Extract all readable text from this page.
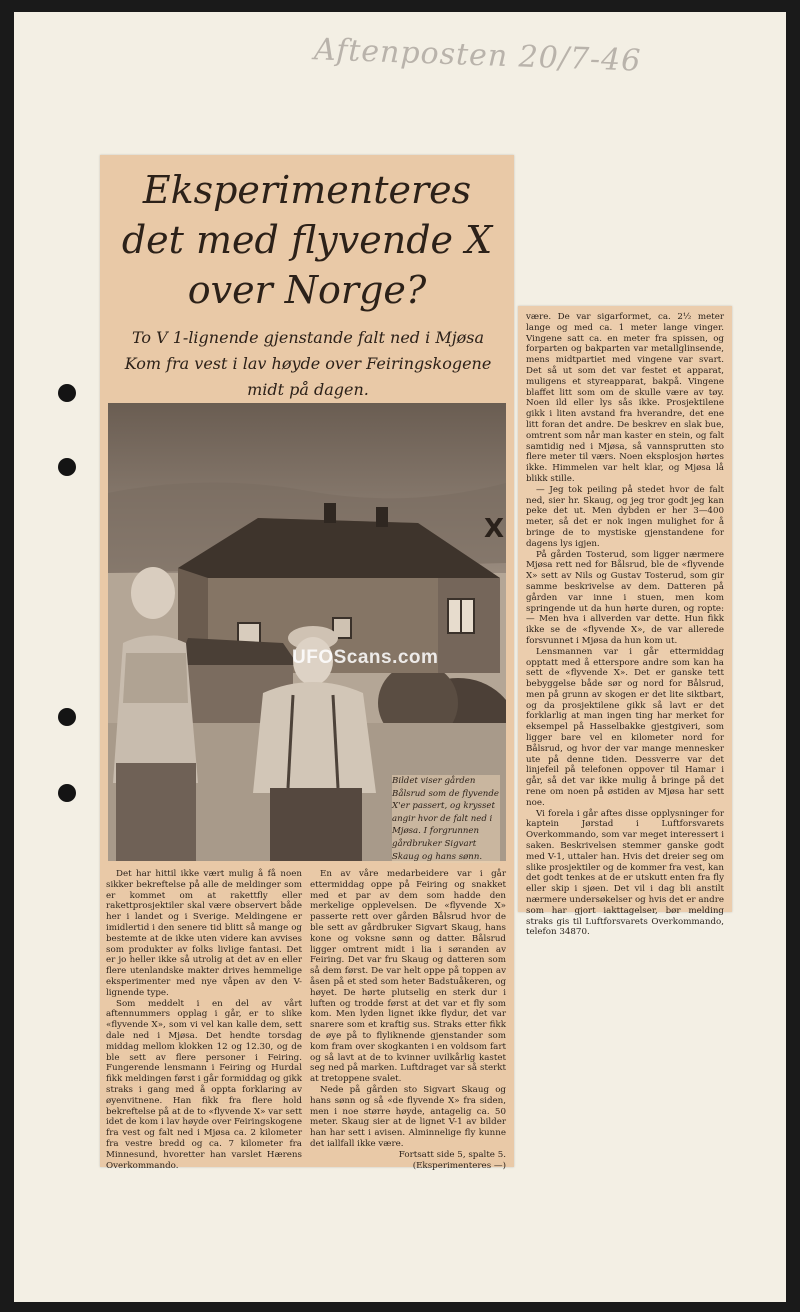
Aftenposten 20/7-46
Eksperimenteres
det med flyvende X
over Norge?
To V 1-lignende gjenstande falt ned i Mjøsa
Kom fra vest i lav høyde over Feiringskogene
midt på dagen.
X
UFOScans.com
Bildet viser gården Bålsrud som de flyvende X'er passert, og krysset angir hvor de falt ned i Mjøsa. I forgrunnen gårdbruker Sigvart Skaug og hans sønn.

Det har hittil ikke vært mulig å få noen sikker bekreftelse på alle de meldinger som er kommet om at rakettfly eller rakettprosjektiler skal være observert både her i landet og i Sverige. Meldingene er imidlertid i den senere tid blitt så mange og bestemte at de ikke uten videre kan avvises som produkter av folks livlige fantasi. Det er jo heller ikke så utrolig at det av en eller flere utenlandske makter drives hemmelige eksperimenter med nye våpen av den V-lignende type.

Som meddelt i en del av vårt aftennummers opplag i går, er to slike «flyvende X», som vi vel kan kalle dem, sett dale ned i Mjøsa. Det hendte torsdag middag mellom klokken 12 og 12.30, og de ble sett av flere personer i Feiring. Fungerende lensmann i Feiring og Hurdal fikk meldingen først i går formiddag og gikk straks i gang med å oppta forklaring av øyenvitnene. Han fikk fra flere hold bekreftelse på at de to «flyvende X» var sett idet de kom i lav høyde over Feiringskogene fra vest og falt ned i Mjøsa ca. 2 kilometer fra vestre bredd og ca. 7 kilometer fra Minnesund, hvoretter han varslet Hærens Overkommando.

En av våre medarbeidere var i går ettermiddag oppe på Feiring og snakket med et par av dem som hadde den merkelige opplevelsen. De «flyvende X» passerte rett over gården Bålsrud hvor de ble sett av gårdbruker Sigvart Skaug, hans kone og voksne sønn og datter. Bålsrud ligger omtrent midt i lia i søranden av Feiring. Det var fru Skaug og datteren som så dem først. De var helt oppe på toppen av åsen på et sted som heter Badstuåkeren, og høyet. De hørte plutselig en sterk dur i luften og trodde først at det var et fly som kom. Men lyden lignet ikke flydur, det var snarere som et kraftig sus. Straks etter fikk de øye på to flyliknende gjenstander som kom fram over skogkanten i en voldsom fart og så lavt at de to kvinner uvilkårlig kastet seg ned på marken. Luftdraget var så sterkt at tretoppene svalet.

Nede på gården sto Sigvart Skaug og hans sønn og så «de flyvende X» fra siden, men i noe større høyde, antagelig ca. 50 meter. Skaug sier at de lignet V-1 av bilder han har sett i avisen. Alminnelige fly kunne det iallfall ikke være.

Fortsatt side 5, spalte 5.
(Eksperimenteres —)

være. De var sigarformet, ca. 2½ meter lange og med ca. 1 meter lange vinger. Vingene satt ca. en meter fra spissen, og forparten og bakparten var metallglinsende, mens midtpartiet med vingene var svart. Det så ut som det var festet et apparat, muligens et styreapparat, bakpå. Vingene blaffet litt som om de skulle være av tøy. Noen ild eller lys sås ikke. Prosjektilene gikk i liten avstand fra hverandre, det ene litt foran det andre. De beskrev en slak bue, omtrent som når man kaster en stein, og falt samtidig ned i Mjøsa, så vannsprutten sto flere meter til værs. Noen eksplosjon hørtes ikke. Himmelen var helt klar, og Mjøsa lå blikk stille.

— Jeg tok peiling på stedet hvor de falt ned, sier hr. Skaug, og jeg tror godt jeg kan peke det ut. Men dybden er her 3—400 meter, så det er nok ingen mulighet for å bringe de to mystiske gjenstandene for dagens lys igjen.

På gården Tosterud, som ligger nærmere Mjøsa rett ned for Bålsrud, ble de «flyvende X» sett av Nils og Gustav Tosterud, som gir samme beskrivelse av dem. Datteren på gården var inne i stuen, men kom springende ut da hun hørte duren, og ropte: — Men hva i allverden var dette. Hun fikk ikke se de «flyvende X», de var allerede forsvunnet i Mjøsa da hun kom ut.

Lensmannen var i går ettermiddag opptatt med å etterspore andre som kan ha sett de «flyvende X». Det er ganske tett bebyggelse både sør og nord for Bålsrud, men på grunn av skogen er det lite siktbart, og da prosjektilene gikk så lavt er det forklarlig at man ingen ting har merket for eksempel på Hasselbakke gjestgiveri, som ligger bare vel en kilometer nord for Bålsrud, og hvor der var mange mennesker ute på denne tiden. Dessverre var det linjefeil på telefonen oppover til Hamar i går, så det var ikke mulig å bringe på det rene om noen på østiden av Mjøsa har sett noe.

Vi forela i går aftes disse opplysninger for kaptein Jørstad i Luftforsvarets Overkommando, som var meget interessert i saken. Beskrivelsen stemmer ganske godt med V-1, uttaler han. Hvis det dreier seg om slike prosjektiler og de kommer fra vest, kan det godt tenkes at de er utskutt enten fra fly eller skip i sjøen. Det vil i dag bli anstilt nærmere undersøkelser og hvis det er andre som har gjort iakttagelser, bør melding straks gis til Luftforsvarets Overkommando, telefon 34870.
